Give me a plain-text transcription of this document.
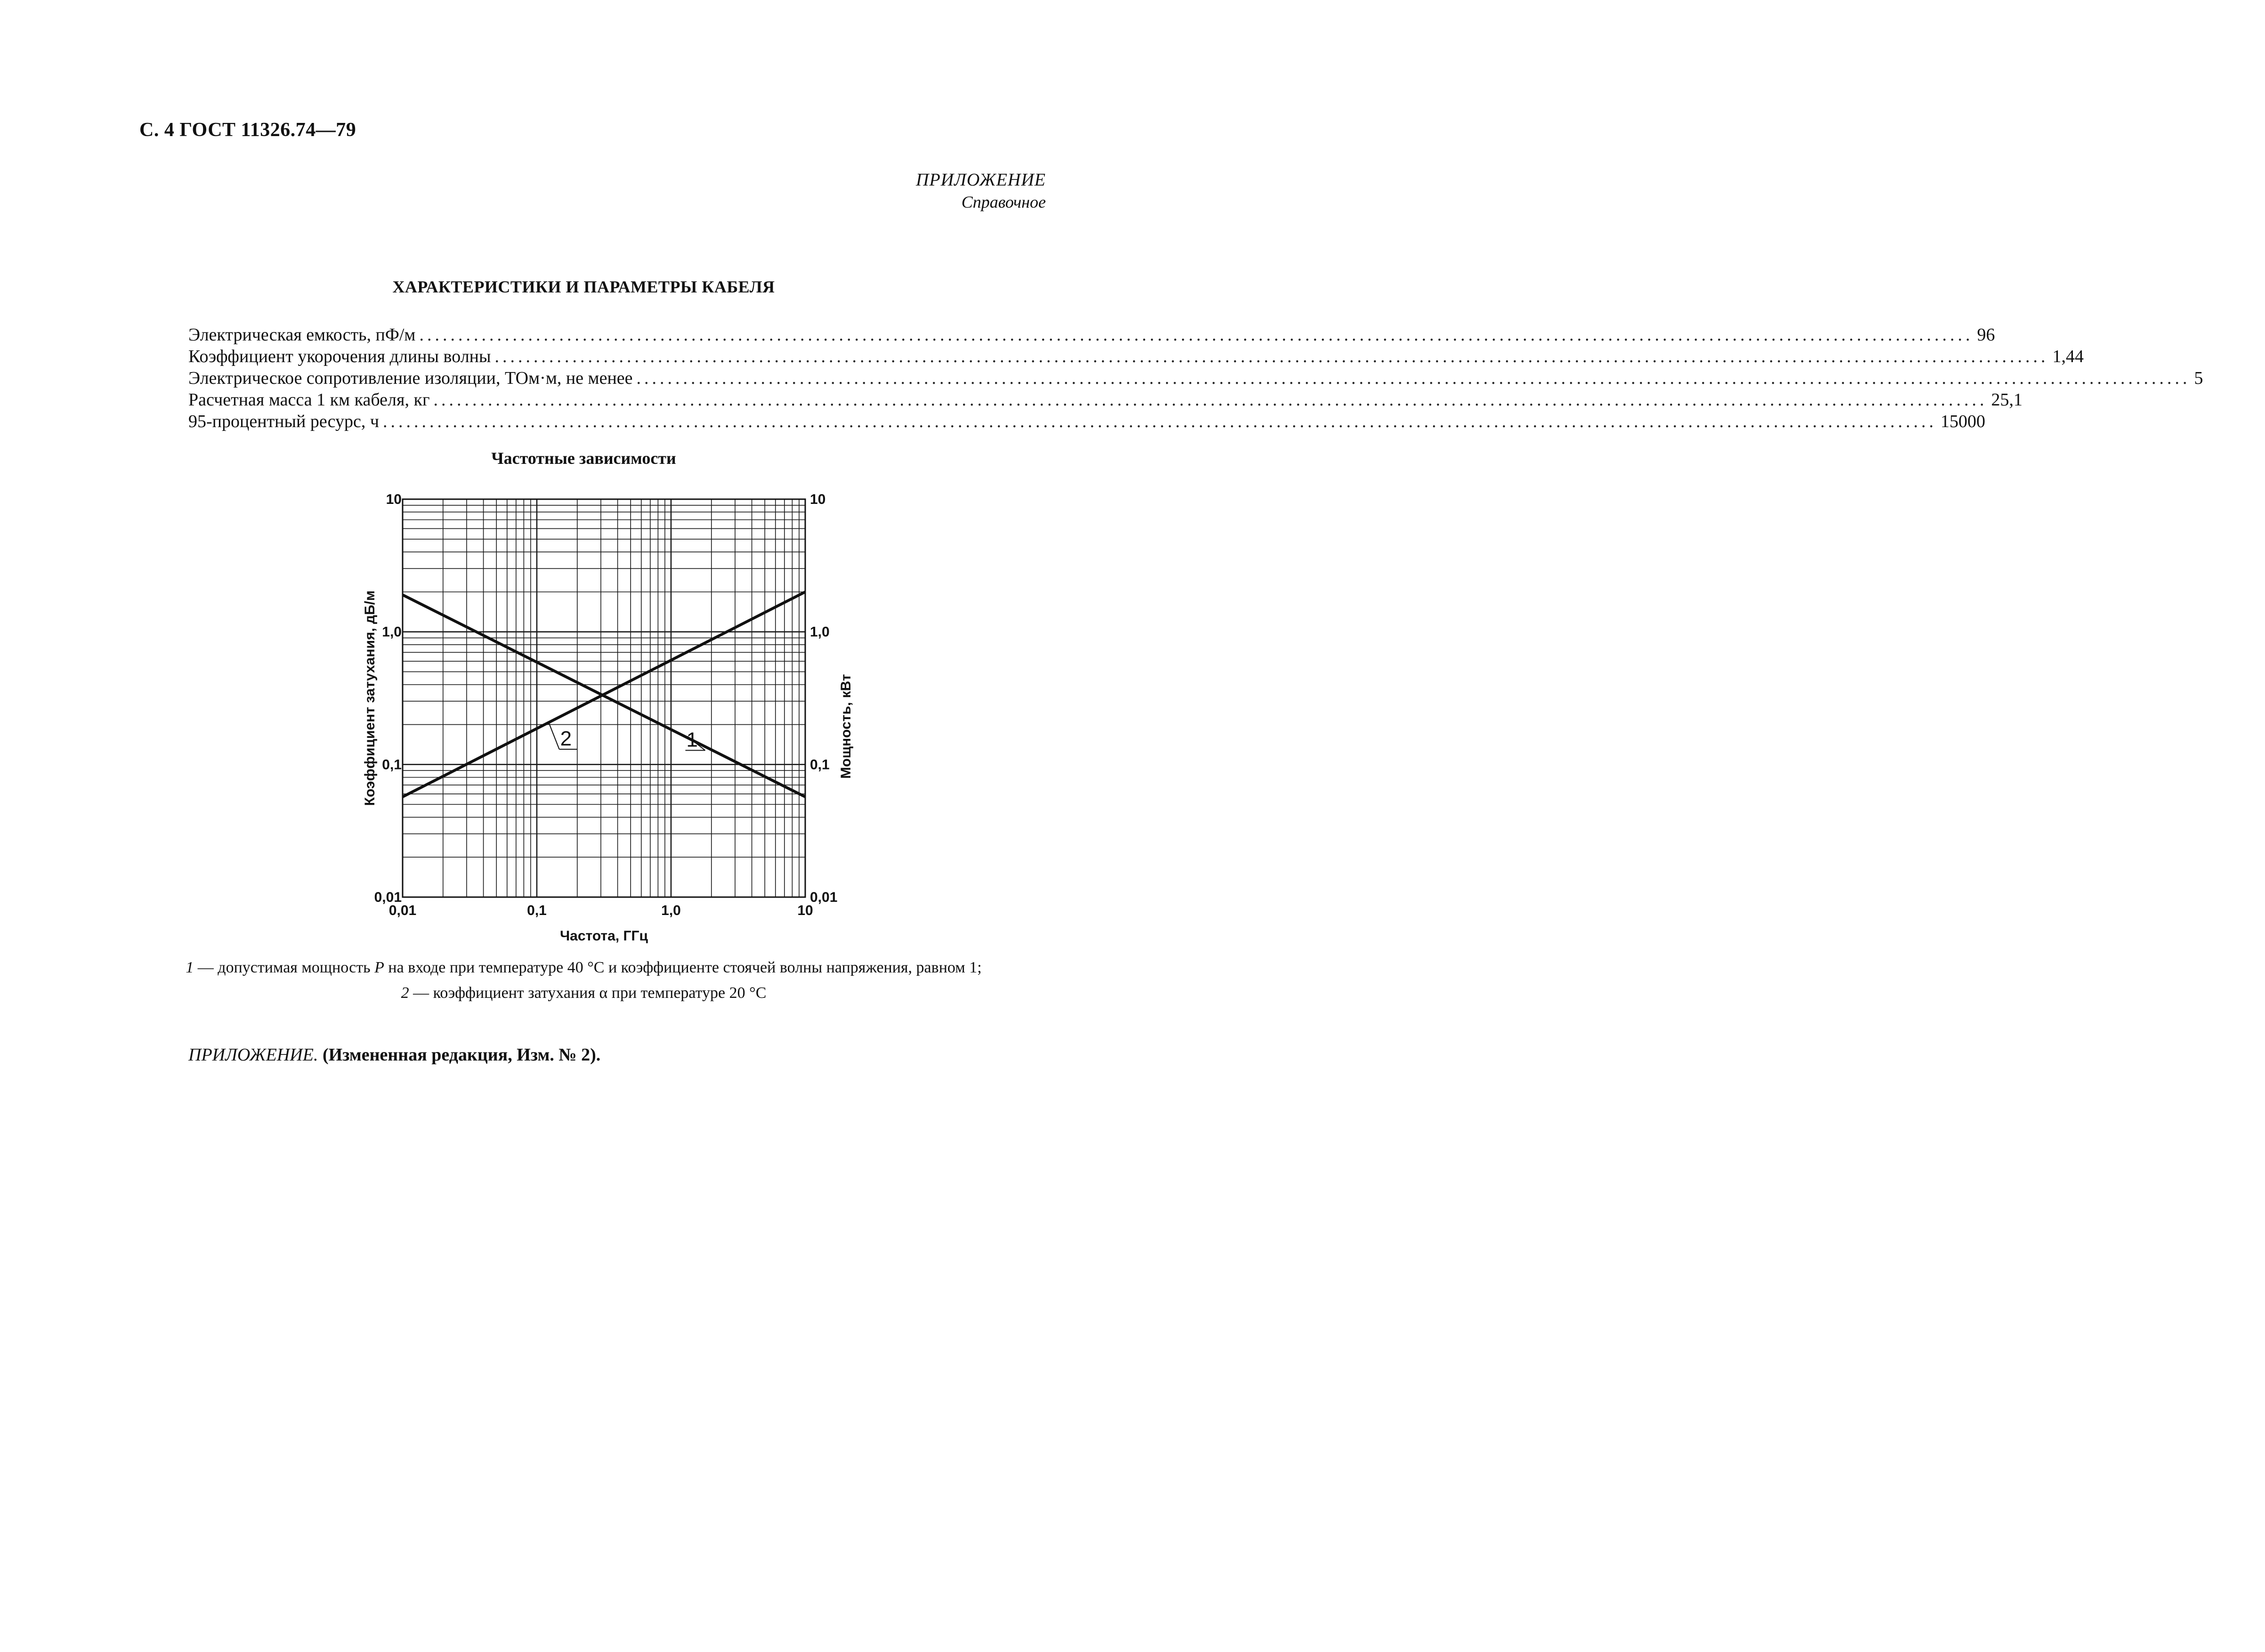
С. 4 ГОСТ 11326.74—79
ПРИЛОЖЕНИЕ
Справочное
ХАРАКТЕРИСТИКИ И ПАРАМЕТРЫ КАБЕЛЯ
Электрическая емкость, пФ/м ........................................................................................................................................................................................................ 96
Коэффициент укорочения длины волны ........................................................................................................................................................................................................ 1,44
Электрическое сопротивление изоляции, ТОм·м, не менее ........................................................................................................................................................................................................ 5
Расчетная масса 1 км кабеля, кг ........................................................................................................................................................................................................ 25,1
95-процентный ресурс, ч ........................................................................................................................................................................................................ 15000
Частотные зависимости
2	1
0,01	0,1	1,0	10
10
1,0
0,1
0,01
10
1,0
0,1
0,01
Частота, ГГц
Коэффициент затухания, дБ/м	Мощность, кВт
1 — допустимая мощность P на входе при температуре 40 °C и коэффициенте стоячей волны напряжения, равном 1;
2 — коэффициент затухания α при температуре 20 °C
ПРИЛОЖЕНИЕ. (Измененная редакция, Изм. № 2).
